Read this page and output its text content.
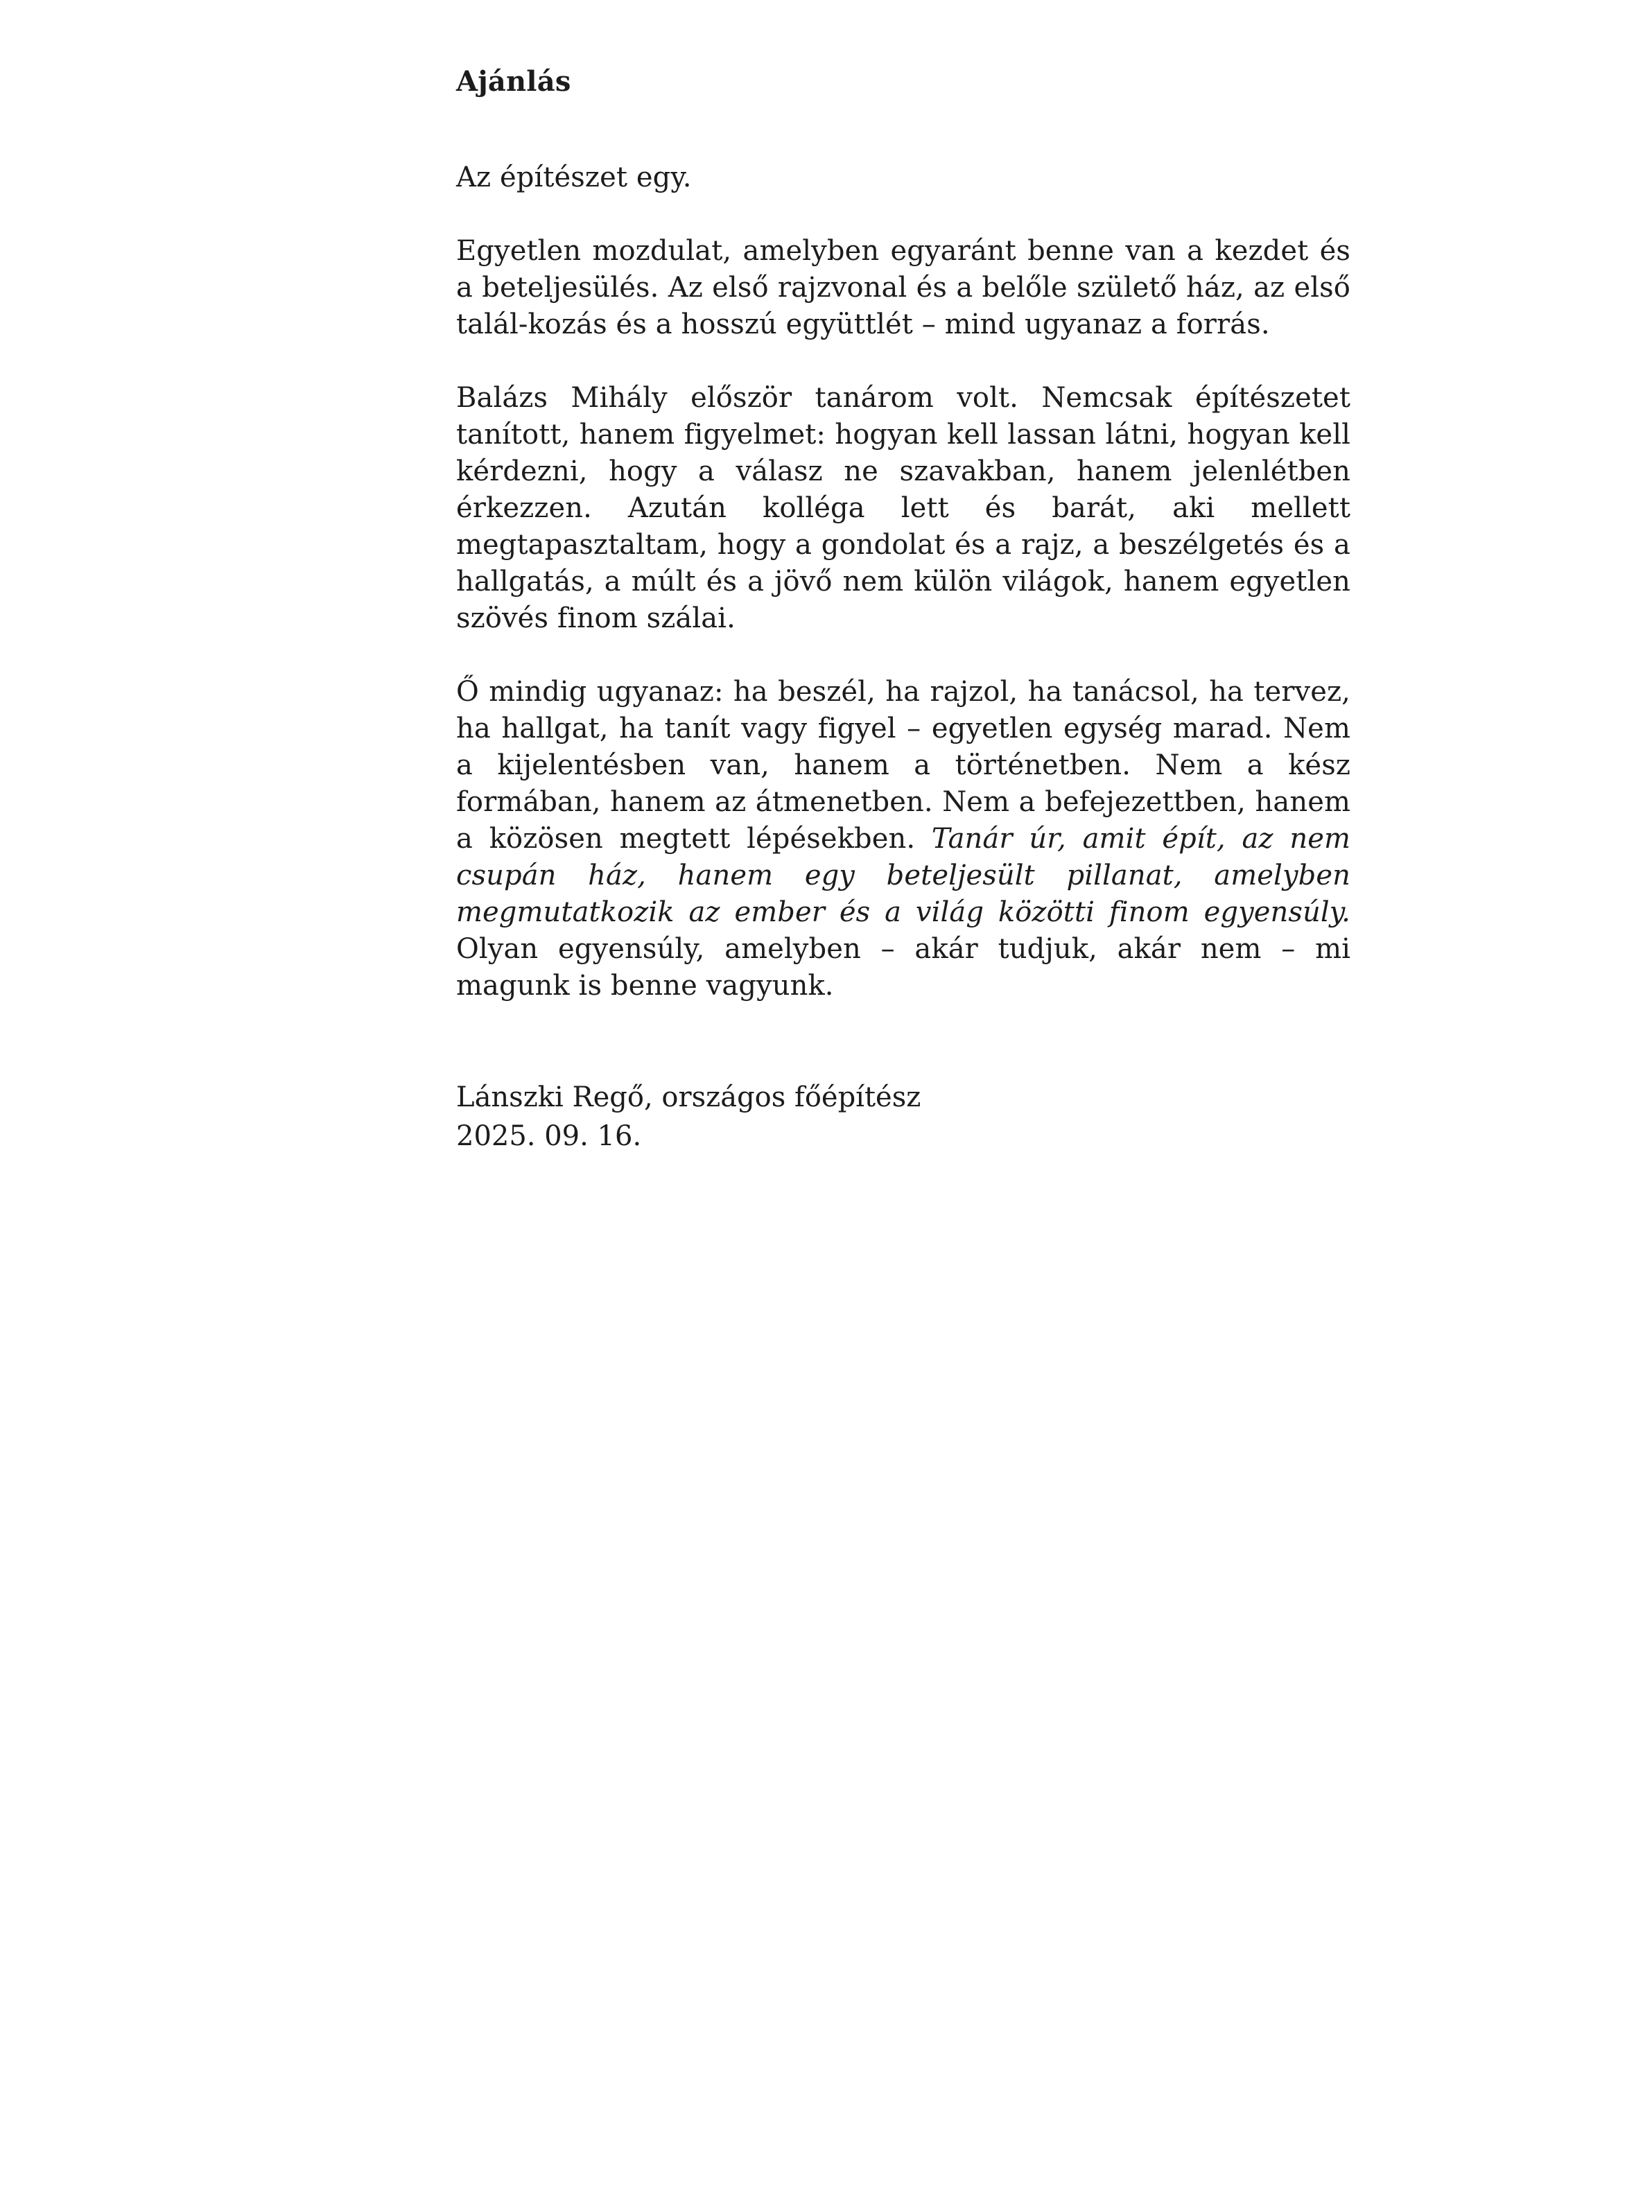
Ajánlás

Az építészet egy.

Egyetlen mozdulat, amelyben egyaránt benne van a kezdet és a beteljesülés. Az első rajzvonal és a belőle születő ház, az első talál-kozás és a hosszú együttlét – mind ugyanaz a forrás.

Balázs Mihály először tanárom volt. Nemcsak építészetet tanított, hanem figyelmet: hogyan kell lassan látni, hogyan kell kérdezni, hogy a válasz ne szavakban, hanem jelenlétben érkezzen. Azután kolléga lett és barát, aki mellett megtapasztaltam, hogy a gondolat és a rajz, a beszélgetés és a hallgatás, a múlt és a jövő nem külön világok, hanem egyetlen szövés finom szálai.

Ő mindig ugyanaz: ha beszél, ha rajzol, ha tanácsol, ha tervez, ha hallgat, ha tanít vagy figyel – egyetlen egység marad. Nem a kijelentésben van, hanem a történetben. Nem a kész formában, hanem az átmenetben. Nem a befejezettben, hanem a közösen megtett lépésekben. Tanár úr, amit épít, az nem csupán ház, hanem egy beteljesült pillanat, amelyben megmutatkozik az ember és a világ közötti finom egyensúly. Olyan egyensúly, amelyben – akár tudjuk, akár nem – mi magunk is benne vagyunk.

Lánszki Regő, országos főépítész
2025. 09. 16.
